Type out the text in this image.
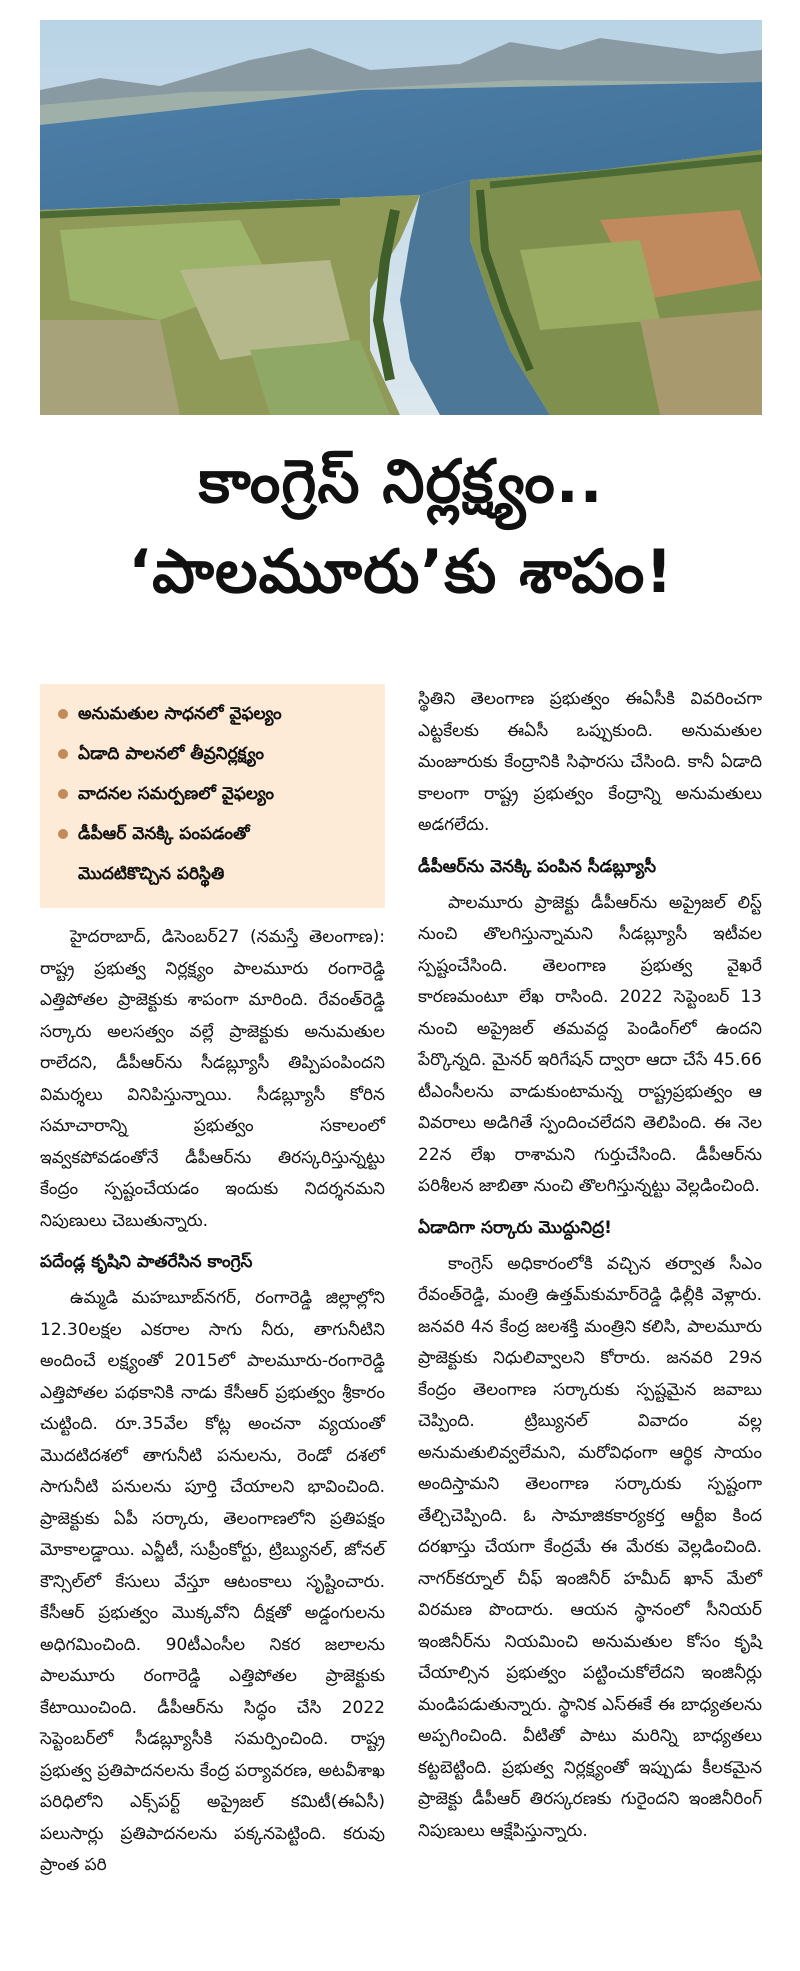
కాంగ్రెస్ నిర్లక్ష్యం..
‘పాలమూరు’కు శాపం!
అనుమతుల సాధనలో వైఫల్యం
ఏడాది పాలనలో తీవ్రనిర్లక్ష్యం
వాదనల సమర్పణలో వైఫల్యం
డీపీఆర్ వెనక్కి పంపడంతో
మొదటికొచ్చిన పరిస్థితి

హైదరాబాద్, డిసెంబర్27 (నమస్తే తెలంగాణ): రాష్ట్ర ప్రభుత్వ నిర్లక్ష్యం పాలమూరు రంగారెడ్డి ఎత్తిపోతల ప్రాజెక్టుకు శాపంగా మారింది. రేవంత్‌రెడ్డి సర్కారు అలసత్వం వల్లే ప్రాజెక్టుకు అనుమతుల రాలేదని, డీపీఆర్‌ను సీడబ్ల్యూసీ తిప్పిపంపిందని విమర్శలు వినిపిస్తున్నాయి. సీడబ్ల్యూసీ కోరిన సమాచారాన్ని ప్రభుత్వం సకాలంలో ఇవ్వకపోవడంతోనే డీపీఆర్‌ను తిరస్కరిస్తున్నట్టు కేంద్రం స్పష్టంచేయడం ఇందుకు నిదర్శనమని నిపుణులు చెబుతున్నారు.

పదేండ్ల కృషిని పాతరేసిన కాంగ్రెస్

ఉమ్మడి మహబూబ్‌నగర్, రంగారెడ్డి జిల్లాల్లోని 12.30లక్షల ఎకరాల సాగు నీరు, తాగునీటిని అందించే లక్ష్యంతో 2015లో పాలమూరు-రంగారెడ్డి ఎత్తిపోతల పథకానికి నాడు కేసీఆర్ ప్రభుత్వం శ్రీకారం చుట్టింది. రూ.35వేల కోట్ల అంచనా వ్యయంతో మొదటిదశలో తాగునీటి పనులను, రెండో దశలో సాగునీటి పనులను పూర్తి చేయాలని భావించింది. ప్రాజెక్టుకు ఏపీ సర్కారు, తెలంగాణలోని ప్రతిపక్షం మోకాలడ్డాయి. ఎన్జీటీ, సుప్రీంకోర్టు, ట్రిబ్యునల్, జోనల్ కౌన్సిల్‌లో కేసులు వేస్తూ ఆటంకాలు సృష్టించారు. కేసీఆర్ ప్రభుత్వం మొక్కవోని దీక్షతో అడ్డంగులను అధిగమించింది. 90టీఎంసీల నికర జలాలను పాలమూరు రంగారెడ్డి ఎత్తిపోతల ప్రాజెక్టుకు కేటాయించింది. డీపీఆర్‌ను సిద్ధం చేసి 2022 సెప్టెంబర్‌లో సీడబ్ల్యూసీకి సమర్పించింది. రాష్ట్ర ప్రభుత్వ ప్రతిపాదనలను కేంద్ర పర్యావరణ, అటవీశాఖ పరిధిలోని ఎక్స్‌పర్ట్ అప్రైజల్ కమిటీ(ఈఏసీ) పలుసార్లు ప్రతిపాదనలను పక్కనపెట్టింది. కరువు ప్రాంత పరి

స్థితిని తెలంగాణ ప్రభుత్వం ఈఏసీకి వివరించగా ఎట్టకేలకు ఈఏసీ ఒప్పుకుంది. అనుమతుల మంజూరుకు కేంద్రానికి సిఫారసు చేసింది. కానీ ఏడాది కాలంగా రాష్ట్ర ప్రభుత్వం కేంద్రాన్ని అనుమతులు అడగలేదు.

డీపీఆర్‌ను వెనక్కి పంపిన సీడబ్ల్యూసీ

పాలమూరు ప్రాజెక్టు డీపీఆర్‌ను అప్రైజల్ లిస్ట్ నుంచి తొలగిస్తున్నామని సీడబ్ల్యూసీ ఇటీవల స్పష్టంచేసింది. తెలంగాణ ప్రభుత్వ వైఖరే కారణమంటూ లేఖ రాసింది. 2022 సెప్టెంబర్ 13 నుంచి అప్రైజల్ తమవద్ద పెండింగ్‌లో ఉందని పేర్కొన్నది. మైనర్ ఇరిగేషన్ ద్వారా ఆదా చేసే 45.66 టీఎంసీలను వాడుకుంటామన్న రాష్ట్రప్రభుత్వం ఆ వివరాలు అడిగితే స్పందించలేదని తెలిపింది. ఈ నెల 22న లేఖ రాశామని గుర్తుచేసింది. డీపీఆర్‌ను పరిశీలన జాబితా నుంచి తొలగిస్తున్నట్టు వెల్లడించింది.

ఏడాదిగా సర్కారు మొద్దునిద్ర!

కాంగ్రెస్ అధికారంలోకి వచ్చిన తర్వాత సీఎం రేవంత్‌రెడ్డి, మంత్రి ఉత్తమ్‌కుమార్‌రెడ్డి ఢిల్లీకి వెళ్లారు. జనవరి 4న కేంద్ర జలశక్తి మంత్రిని కలిసి, పాలమూరు ప్రాజెక్టుకు నిధులివ్వాలని కోరారు. జనవరి 29న కేంద్రం తెలంగాణ సర్కారుకు స్పష్టమైన జవాబు చెప్పింది. ట్రిబ్యునల్ వివాదం వల్ల అనుమతులివ్వలేమని, మరోవిధంగా ఆర్థిక సాయం అందిస్తామని తెలంగాణ సర్కారుకు స్పష్టంగా తేల్చిచెప్పింది. ఓ సామాజికకార్యకర్త ఆర్టీఐ కింద దరఖాస్తు చేయగా కేంద్రమే ఈ మేరకు వెల్లడించింది. నాగర్‌కర్నూల్ చీఫ్ ఇంజినీర్ హమీద్ ఖాన్ మేలో విరమణ పొందారు. ఆయన స్థానంలో సీనియర్ ఇంజినీర్‌ను నియమించి అనుమతుల కోసం కృషి చేయాల్సిన ప్రభుత్వం పట్టించుకోలేదని ఇంజినీర్లు మండిపడుతున్నారు. స్థానిక ఎస్‌ఈకే ఈ బాధ్యతలను అప్పగించింది. వీటితో పాటు మరిన్ని బాధ్యతలు కట్టబెట్టింది. ప్రభుత్వ నిర్లక్ష్యంతో ఇప్పుడు కీలకమైన ప్రాజెక్టు డీపీఆర్ తిరస్కరణకు గురైందని ఇంజినీరింగ్ నిపుణులు ఆక్షేపిస్తున్నారు.
